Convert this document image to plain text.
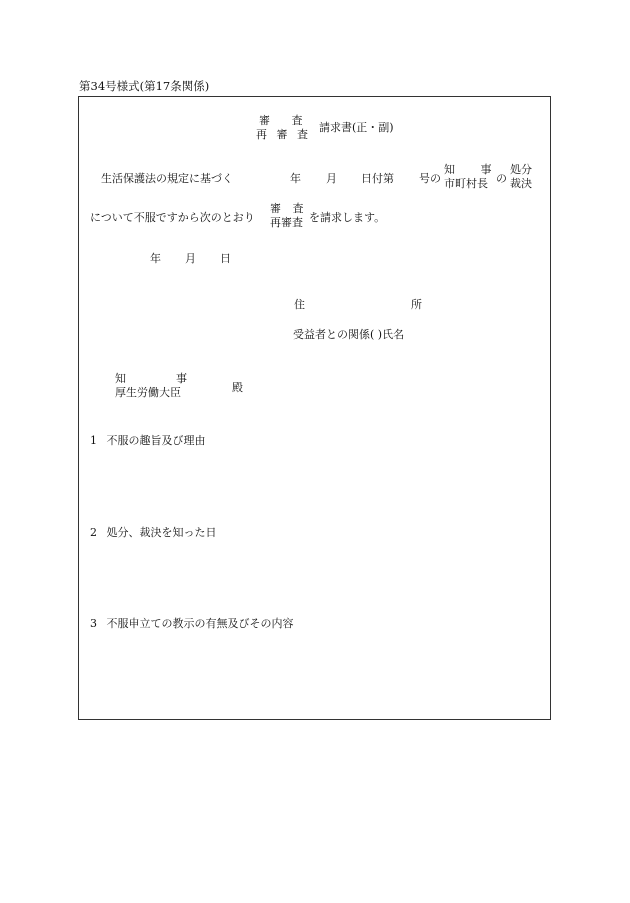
第34号様式(第17条関係)
審 査
再 審 査
請求書(正・副)
生活保護法の規定に基づく	年 月 日付第 号の
知 事
市町村長 の
処分
裁決
について不服ですから次のとおり
審 査
再審査 を請求します。
年 月 日
住	所
受益者との関係( )氏名
知	事
厚生労働大臣	殿
1 不服の趣旨及び理由
2 処分、裁決を知った日
3 不服申立ての教示の有無及びその内容
